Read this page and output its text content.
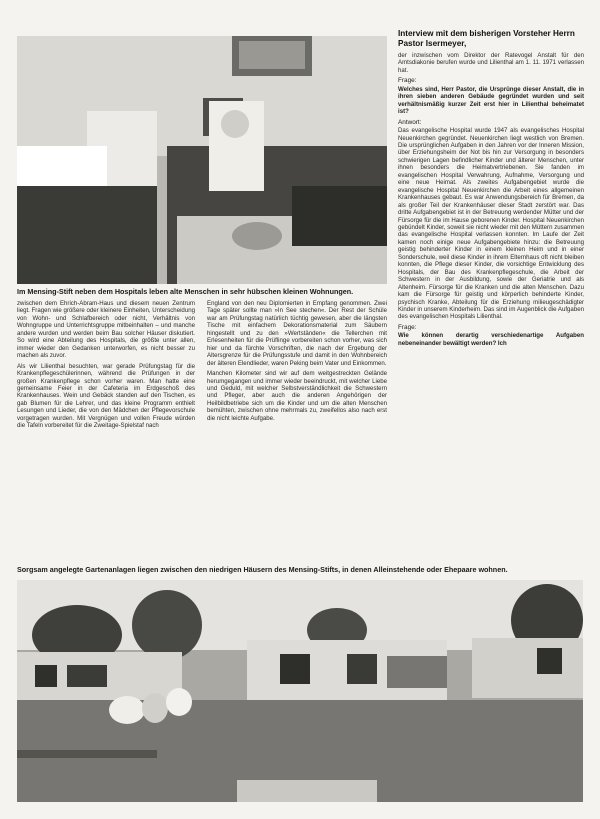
Im Mensing-Stift neben dem Hospitals leben alte Menschen in sehr hübschen kleinen Wohnungen.

zwischen dem Ehrich-Abram-Haus und diesem neuen Zentrum liegt. Fragen wie größere oder kleinere Einheiten, Unterscheidung von Wohn- und Schlafbereich oder nicht, Verhältnis von Wohngruppe und Unterrichtsgruppe mitbeinhalten – und manche andere wurden und werden beim Bau solcher Häuser diskutiert. So wird eine Abteilung des Hospitals, die größte unter allen, immer wieder den Gedanken unterworfen, es nicht besser zu machen als zuvor.

Als wir Lilienthal besuchten, war gerade Prüfungstag für die Krankenpflegeschülerinnen, während die Prüfungen in der großen Krankenpflege schon vorher waren. Man hatte eine gemeinsame Feier in der Cafeteria im Erdgeschoß des Krankenhauses. Wein und Gebäck standen auf den Tischen, es gab Blumen für die Lehrer, und das kleine Programm enthielt Lesungen und Lieder, die von den Mädchen der Pflegevorschule vorgetragen wurden. Mit Vergnügen und vollen Freude würden die Tafeln vorbereitet für die Zweitage-Spielstaf nach

England von den neu Diplomierten in Empfang genommen. Zwei Tage später sollte man »In See stechen«. Der Rest der Schüle war am Prüfungstag natürlich tüchtig gewesen, aber die längsten Tische mit einfachem Dekorationsmaterial zum Säubern hingestellt und zu den »Wertständen« die Tellerchen mit Erlesenheiten für die Prüflinge vorbereiten schon vorher, was sich hier und da fürchte Vorschriften, die nach der Ergebung der Altersgrenze für die Prüfungsstufe und damit in den Wohnbereich der älteren Elendlieder, waren Peking beim Vater und Einkommen.

Manchen Kilometer sind wir auf dem weitgestreckten Gelände herumgegangen und immer wieder beeindruckt, mit welcher Liebe und Geduld, mit welcher Selbstverständlichkeit die Schwestern und Pfleger, aber auch die anderen Angehörigen der Heilbildbetriebe sich um die Kinder und um die alten Menschen bemühten, zwischen ohne mehrmals zu, zweifellos also nach erst die nicht leichte Aufgabe.

Interview mit dem bisherigen Vorsteher Herrn Pastor Isermeyer,

der inzwischen vom Direktor der Ratevogel Anstalt für den Amtsdiakonie berufen wurde und Lilienthal am 1. 11. 1971 verlassen hat.

Frage:

Welches sind, Herr Pastor, die Ursprünge dieser Anstalt, die in ihren sieben anderen Gebäude gegründet wurden und seit verhältnismäßig kurzer Zeit erst hier in Lilienthal beheimatet ist?

Antwort:

Das evangelische Hospital wurde 1947 als evangelisches Hospital Neuenkirchen gegründet. Neuenkirchen liegt westlich von Bremen. Die ursprünglichen Aufgaben in den Jahren vor der Inneren Mission, über Erziehungsheim der Not bis hin zur Versorgung in besonders schwierigen Lagen befindlicher Kinder und älterer Menschen, unter ihnen besonders die Heimatvertriebenen. Sie fanden im evangelischen Hospital Verwahrung, Aufnahme, Versorgung und eine neue Heimat. Als zweites Aufgabengebiet wurde die evangelische Hospital Neuenkirchen die Arbeit eines allgemeinen Krankenhauses gebaut. Es war Anwendungsbereich für Bremen, da als großer Teil der Krankenhäuser dieser Stadt zerstört war. Das dritte Aufgabengebiet ist in der Betreuung werdender Mütter und der Fürsorge für die im Hause geborenen Kinder. Hospital Neuenkirchen gebündelt Kinder, soweit sie nicht wieder mit den Müttern zusammen das evangelische Hospital verlassen konnten. Im Laufe der Zeit kamen noch einige neue Aufgabengebiete hinzu: die Betreuung geistig behinderter Kinder in einem kleinen Heim und in einer Sonderschule, weil diese Kinder in ihrem Elternhaus oft nicht bleiben konnten, die Pflege dieser Kinder, die vorsichtige Entwicklung des Hospitals, der Bau des Krankenpflegeschule, die Arbeit der Schwestern in der Ausbildung, sowie der Geriatrie und als Altenheim. Fürsorge für die Kranken und die alten Menschen. Dazu kam die Fürsorge für geistig und körperlich behinderte Kinder, psychisch Kranke, Abteilung für die Erziehung milieugeschädigter Kinder in unserem Kinderheim. Das sind im Augenblick die Aufgaben des evangelischen Hospitals Lilienthal.

Frage:

Wie können derartig verschiedenartige Aufgaben nebeneinander bewältigt werden? Ich

Sorgsam angelegte Gartenanlagen liegen zwischen den niedrigen Häusern des Mensing-Stifts, in denen Alleinstehende oder Ehepaare wohnen.
